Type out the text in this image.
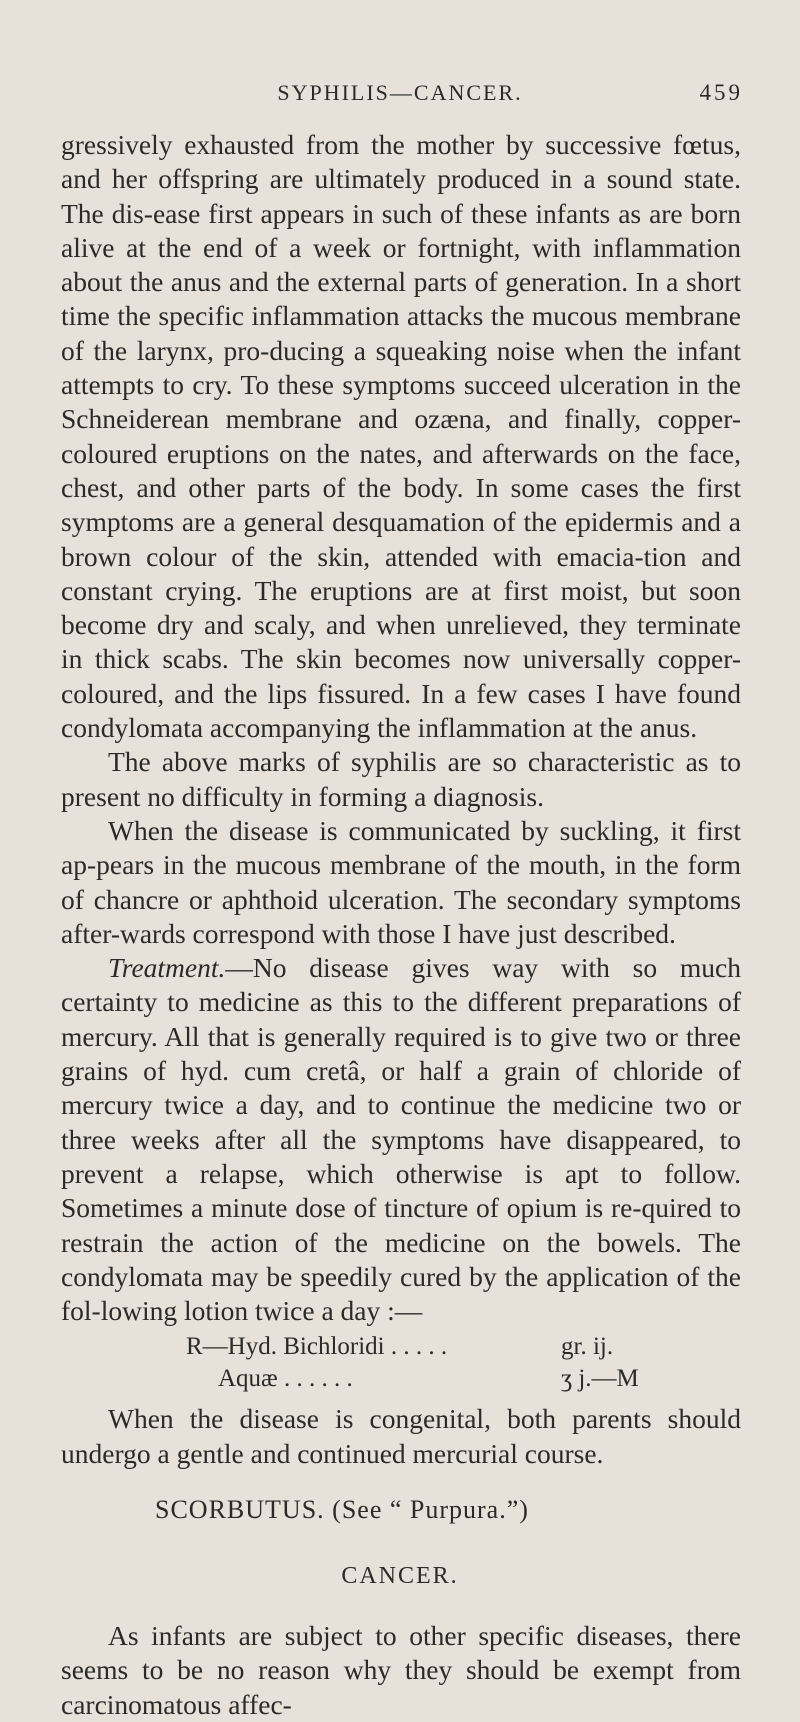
SYPHILIS—CANCER.	459

gressively exhausted from the mother by successive fœtus, and her offspring are ultimately produced in a sound state. The dis-ease first appears in such of these infants as are born alive at the end of a week or fortnight, with inflammation about the anus and the external parts of generation. In a short time the specific inflammation attacks the mucous membrane of the larynx, pro-ducing a squeaking noise when the infant attempts to cry. To these symptoms succeed ulceration in the Schneiderean membrane and ozæna, and finally, copper-coloured eruptions on the nates, and afterwards on the face, chest, and other parts of the body. In some cases the first symptoms are a general desquamation of the epidermis and a brown colour of the skin, attended with emacia-tion and constant crying. The eruptions are at first moist, but soon become dry and scaly, and when unrelieved, they terminate in thick scabs. The skin becomes now universally copper-coloured, and the lips fissured. In a few cases I have found condylomata accompanying the inflammation at the anus.

The above marks of syphilis are so characteristic as to present no difficulty in forming a diagnosis.

When the disease is communicated by suckling, it first ap-pears in the mucous membrane of the mouth, in the form of chancre or aphthoid ulceration. The secondary symptoms after-wards correspond with those I have just described.

Treatment.—No disease gives way with so much certainty to medicine as this to the different preparations of mercury. All that is generally required is to give two or three grains of hyd. cum cretâ, or half a grain of chloride of mercury twice a day, and to continue the medicine two or three weeks after all the symptoms have disappeared, to prevent a relapse, which otherwise is apt to follow. Sometimes a minute dose of tincture of opium is re-quired to restrain the action of the medicine on the bowels. The condylomata may be speedily cured by the application of the fol-lowing lotion twice a day :—

R—Hyd. Bichloridi . . . . .	gr. ij.
Aquæ . . . . . .	ʒ j.—M

When the disease is congenital, both parents should undergo a gentle and continued mercurial course.

SCORBUTUS. (See “ Purpura.”)
CANCER.

As infants are subject to other specific diseases, there seems to be no reason why they should be exempt from carcinomatous affec-
